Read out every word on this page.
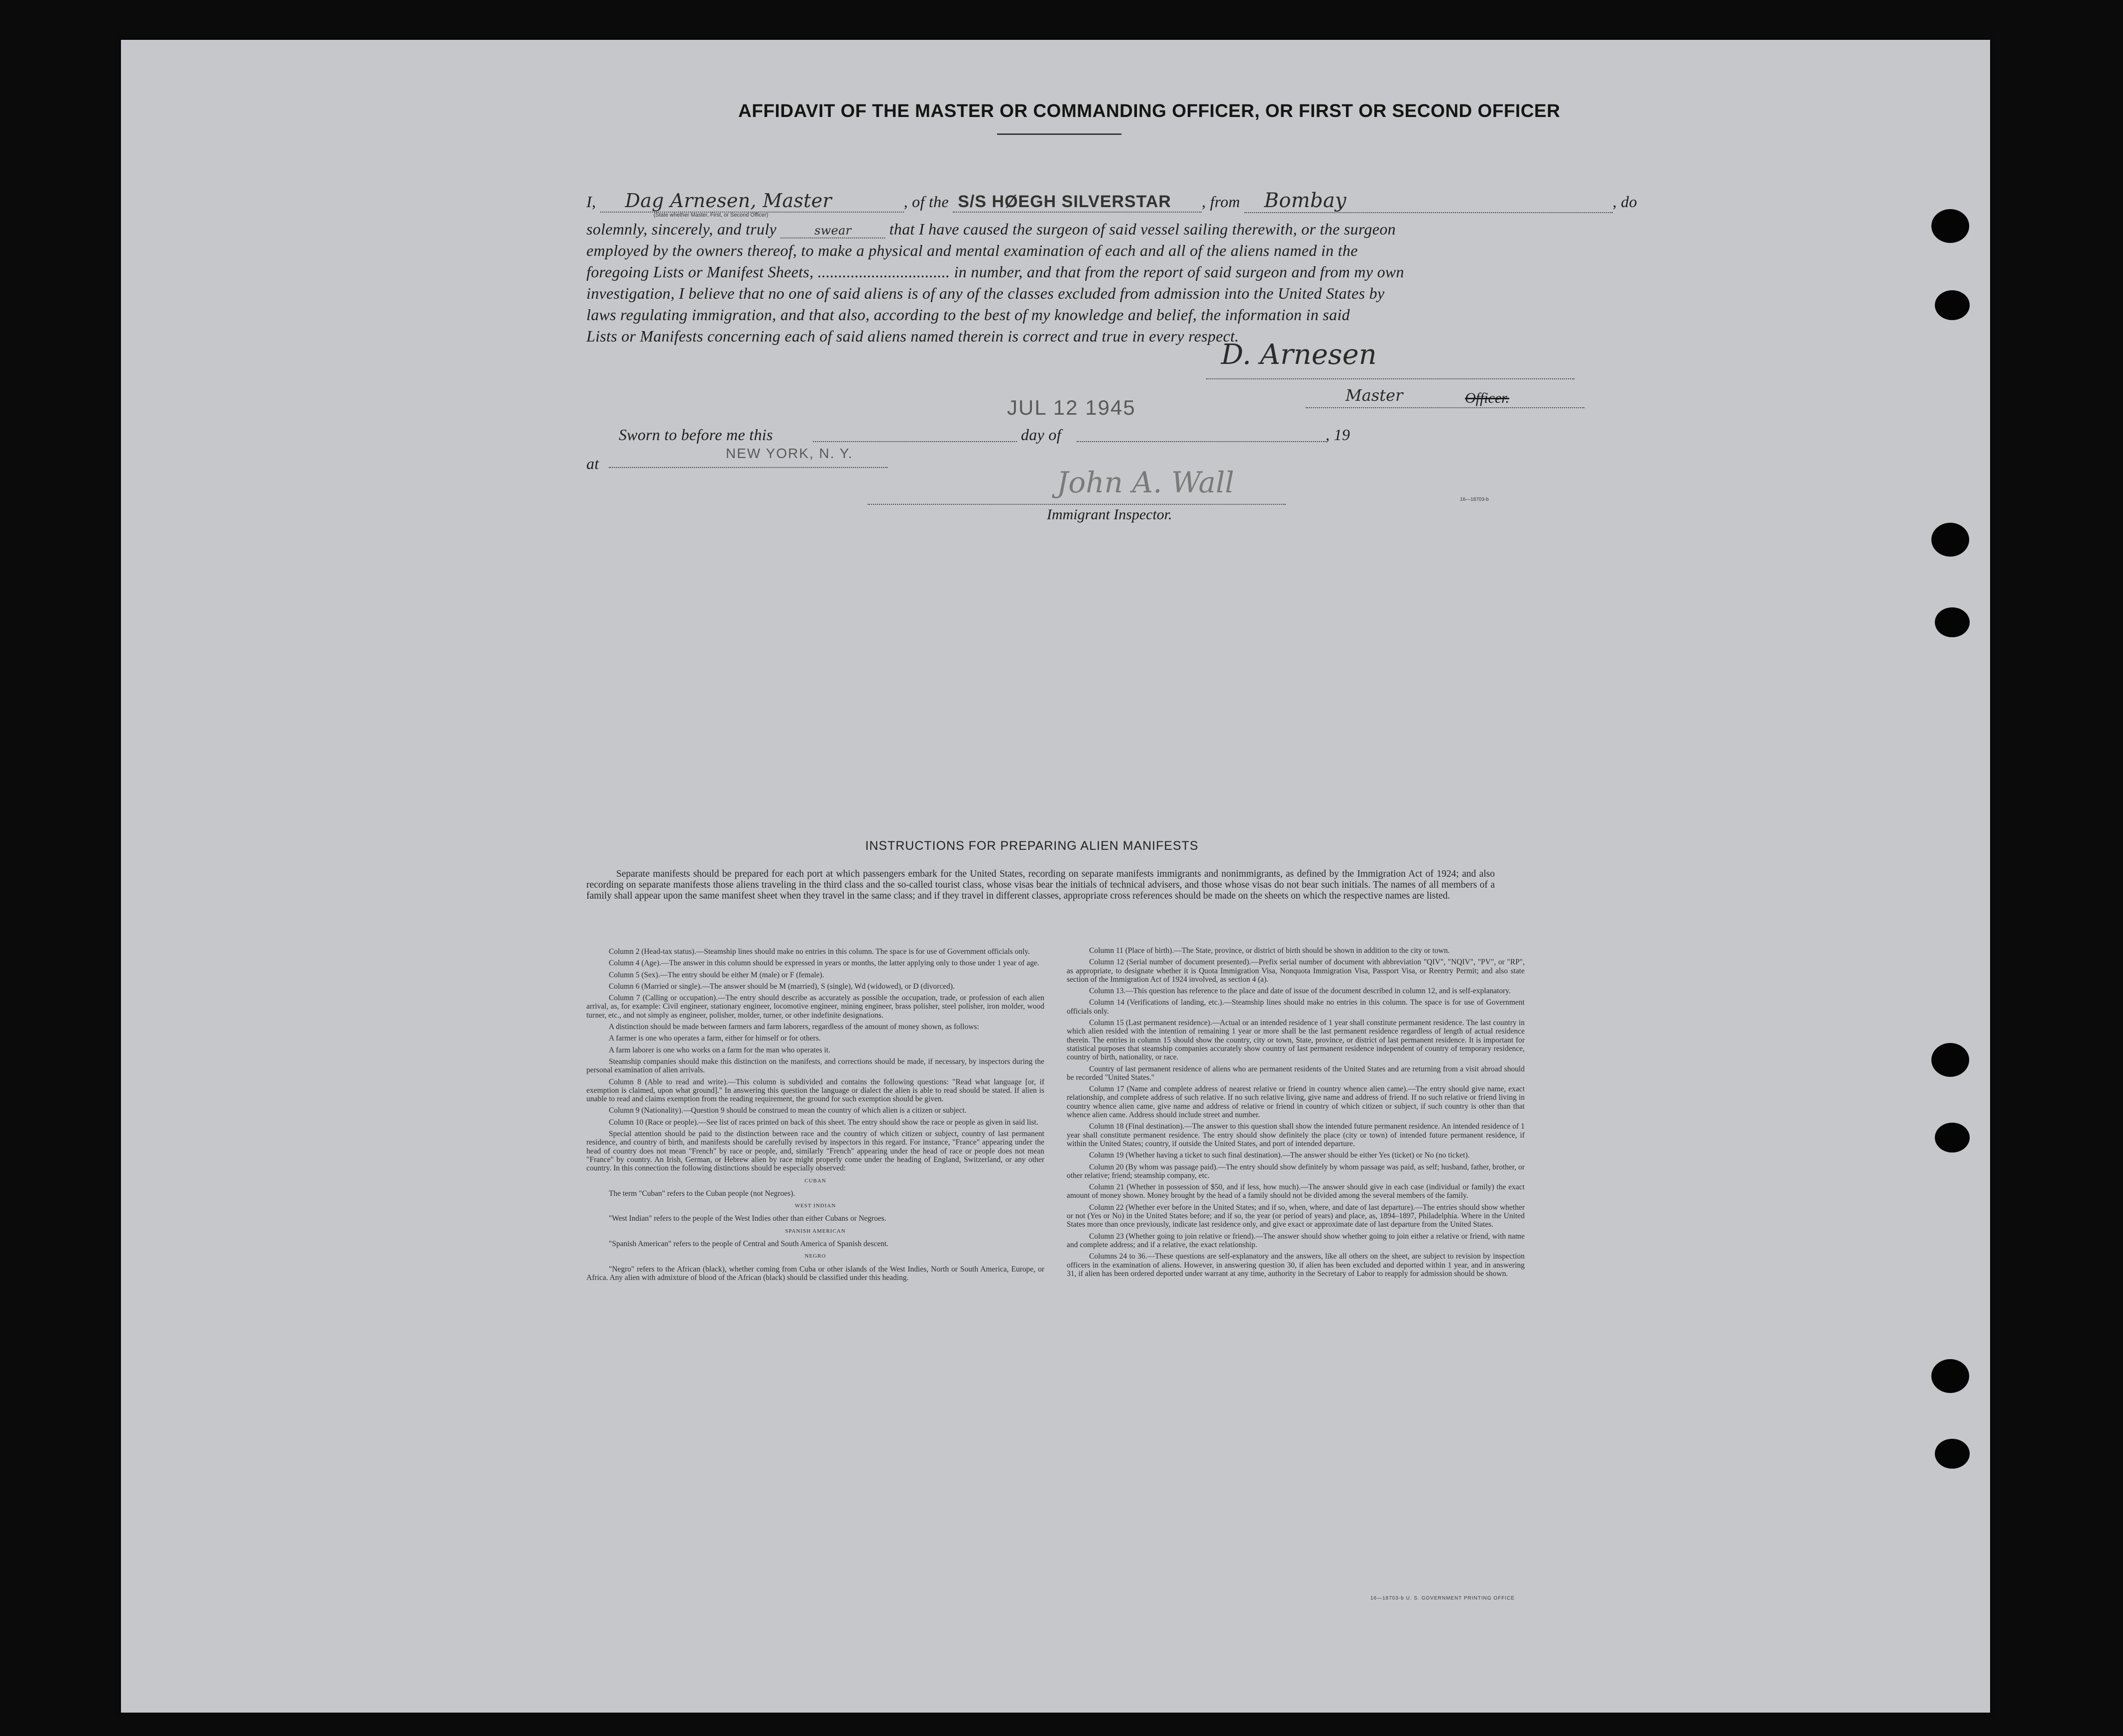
AFFIDAVIT OF THE MASTER OR COMMANDING OFFICER, OR FIRST OR SECOND OFFICER
I, Dag Arnesen, Master	, of the S/S HØEGH SILVERSTAR , from Bombay	, do
(State whether Master, First, or Second Officer)
solemnly, sincerely, and truly	swear that I have caused the surgeon of said vessel sailing therewith, or the surgeon
employed by the owners thereof, to make a physical and mental examination of each and all of the aliens named in the
foregoing Lists or Manifest Sheets, ................................ in number, and that from the report of said surgeon and from my own
investigation, I believe that no one of said aliens is of any of the classes excluded from admission into the United States by
laws regulating immigration, and that also, according to the best of my knowledge and belief, the information in said
Lists or Manifests concerning each of said aliens named therein is correct and true in every respect.
D. Arnesen
Master	Officer.
JUL 12 1945
Sworn to before me this	day of	, 19
at
NEW YORK, N. Y.
John A. Wall
Immigrant Inspector.
16—18703-b
INSTRUCTIONS FOR PREPARING ALIEN MANIFESTS
Separate manifests should be prepared for each port at which passengers embark for the United States, recording on separate manifests immigrants and nonimmigrants, as defined by the Immigration Act of 1924; and also recording on separate manifests those aliens traveling in the third class and the so-called tourist class, whose visas bear the initials of technical advisers, and those whose visas do not bear such initials. The names of all members of a family shall appear upon the same manifest sheet when they travel in the same class; and if they travel in different classes, appropriate cross references should be made on the sheets on which the respective names are listed.

Column 2 (Head-tax status).—Steamship lines should make no entries in this column. The space is for use of Government officials only.

Column 4 (Age).—The answer in this column should be expressed in years or months, the latter applying only to those under 1 year of age.

Column 5 (Sex).—The entry should be either M (male) or F (female).

Column 6 (Married or single).—The answer should be M (married), S (single), Wd (widowed), or D (divorced).

Column 7 (Calling or occupation).—The entry should describe as accurately as possible the occupation, trade, or profession of each alien arrival, as, for example: Civil engineer, stationary engineer, locomotive engineer, mining engineer, brass polisher, steel polisher, iron molder, wood turner, etc., and not simply as engineer, polisher, molder, turner, or other indefinite designations.

A distinction should be made between farmers and farm laborers, regardless of the amount of money shown, as follows:

A farmer is one who operates a farm, either for himself or for others.

A farm laborer is one who works on a farm for the man who operates it.

Steamship companies should make this distinction on the manifests, and corrections should be made, if necessary, by inspectors during the personal examination of alien arrivals.

Column 8 (Able to read and write).—This column is subdivided and contains the following questions: "Read what language [or, if exemption is claimed, upon what ground]." In answering this question the language or dialect the alien is able to read should be stated. If alien is unable to read and claims exemption from the reading requirement, the ground for such exemption should be given.

Column 9 (Nationality).—Question 9 should be construed to mean the country of which alien is a citizen or subject.

Column 10 (Race or people).—See list of races printed on back of this sheet. The entry should show the race or people as given in said list.

Special attention should be paid to the distinction between race and the country of which citizen or subject, country of last permanent residence, and country of birth, and manifests should be carefully revised by inspectors in this regard. For instance, "France" appearing under the head of country does not mean "French" by race or people, and, similarly "French" appearing under the head of race or people does not mean "France" by country. An Irish, German, or Hebrew alien by race might properly come under the heading of England, Switzerland, or any other country. In this connection the following distinctions should be especially observed:

CUBAN

The term "Cuban" refers to the Cuban people (not Negroes).

WEST INDIAN

"West Indian" refers to the people of the West Indies other than either Cubans or Negroes.

SPANISH AMERICAN

"Spanish American" refers to the people of Central and South America of Spanish descent.

NEGRO

"Negro" refers to the African (black), whether coming from Cuba or other islands of the West Indies, North or South America, Europe, or Africa. Any alien with admixture of blood of the African (black) should be classified under this heading.

Column 11 (Place of birth).—The State, province, or district of birth should be shown in addition to the city or town.

Column 12 (Serial number of document presented).—Prefix serial number of document with abbreviation "QIV", "NQIV", "PV", or "RP", as appropriate, to designate whether it is Quota Immigration Visa, Nonquota Immigration Visa, Passport Visa, or Reentry Permit; and also state section of the Immigration Act of 1924 involved, as section 4 (a).

Column 13.—This question has reference to the place and date of issue of the document described in column 12, and is self-explanatory.

Column 14 (Verifications of landing, etc.).—Steamship lines should make no entries in this column. The space is for use of Government officials only.

Column 15 (Last permanent residence).—Actual or an intended residence of 1 year shall constitute permanent residence. The last country in which alien resided with the intention of remaining 1 year or more shall be the last permanent residence regardless of length of actual residence therein. The entries in column 15 should show the country, city or town, State, province, or district of last permanent residence. It is important for statistical purposes that steamship companies accurately show country of last permanent residence independent of country of temporary residence, country of birth, nationality, or race.

Country of last permanent residence of aliens who are permanent residents of the United States and are returning from a visit abroad should be recorded "United States."

Column 17 (Name and complete address of nearest relative or friend in country whence alien came).—The entry should give name, exact relationship, and complete address of such relative. If no such relative living, give name and address of friend. If no such relative or friend living in country whence alien came, give name and address of relative or friend in country of which citizen or subject, if such country is other than that whence alien came. Address should include street and number.

Column 18 (Final destination).—The answer to this question shall show the intended future permanent residence. An intended residence of 1 year shall constitute permanent residence. The entry should show definitely the place (city or town) of intended future permanent residence, if within the United States; country, if outside the United States, and port of intended departure.

Column 19 (Whether having a ticket to such final destination).—The answer should be either Yes (ticket) or No (no ticket).

Column 20 (By whom was passage paid).—The entry should show definitely by whom passage was paid, as self; husband, father, brother, or other relative; friend; steamship company, etc.

Column 21 (Whether in possession of $50, and if less, how much).—The answer should give in each case (individual or family) the exact amount of money shown. Money brought by the head of a family should not be divided among the several members of the family.

Column 22 (Whether ever before in the United States; and if so, when, where, and date of last departure).—The entries should show whether or not (Yes or No) in the United States before; and if so, the year (or period of years) and place, as, 1894–1897, Philadelphia. Where in the United States more than once previously, indicate last residence only, and give exact or approximate date of last departure from the United States.

Column 23 (Whether going to join relative or friend).—The answer should show whether going to join either a relative or friend, with name and complete address; and if a relative, the exact relationship.

Columns 24 to 36.—These questions are self-explanatory and the answers, like all others on the sheet, are subject to revision by inspection officers in the examination of aliens. However, in answering question 30, if alien has been excluded and deported within 1 year, and in answering 31, if alien has been ordered deported under warrant at any time, authority in the Secretary of Labor to reapply for admission should be shown.

16—18703-b U. S. GOVERNMENT PRINTING OFFICE
